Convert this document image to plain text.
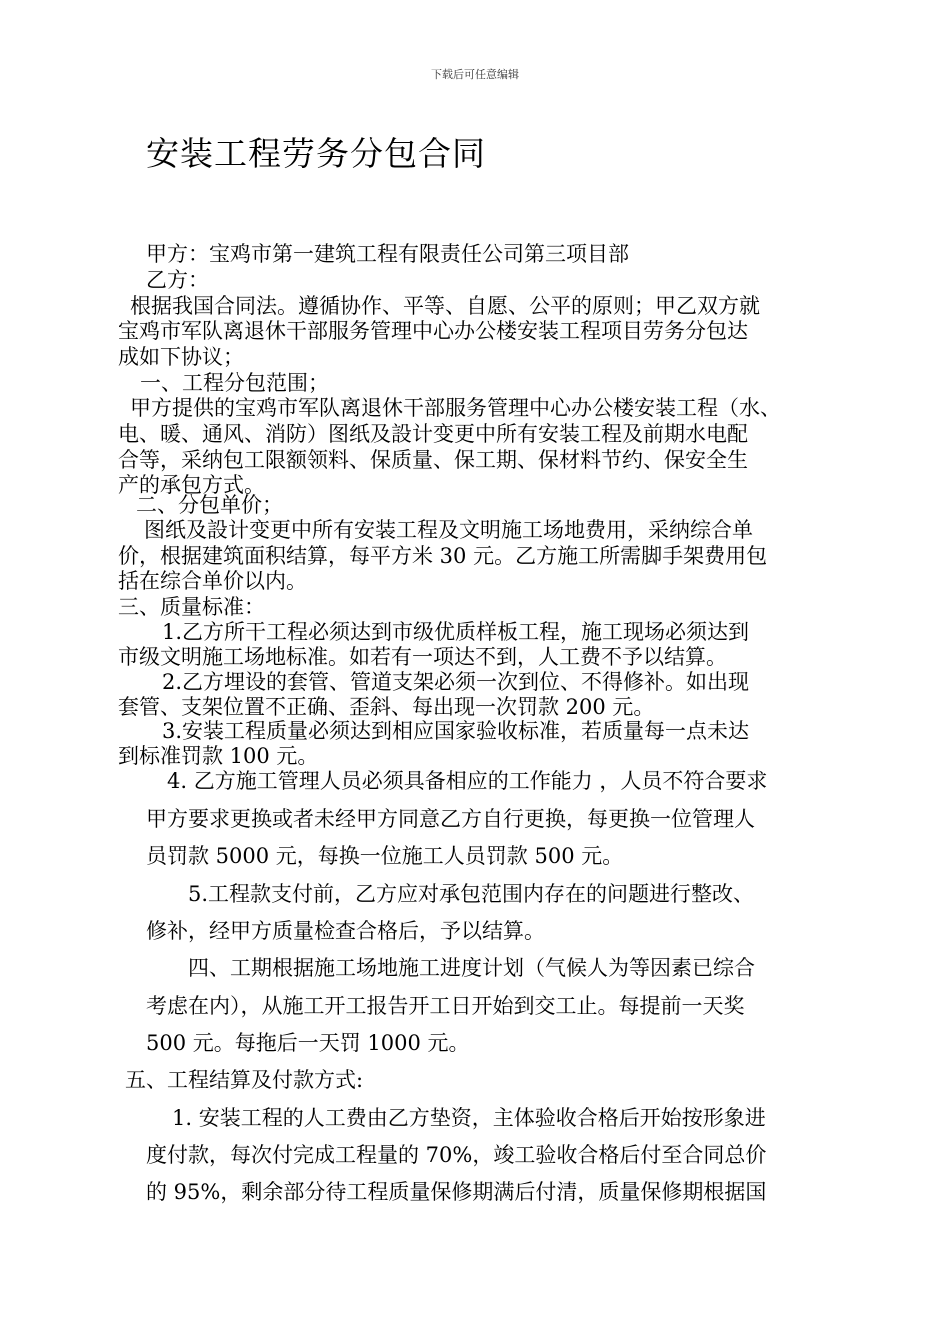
下载后可任意编辑
安装工程劳务分包合同
甲方：宝鸡市第一建筑工程有限责任公司第三项目部
乙方：
根据我国合同法。遵循协作、平等、自愿、公平的原则；甲乙双方就
宝鸡市军队离退休干部服务管理中心办公楼安装工程项目劳务分包达
成如下协议；
一、工程分包范围；
甲方提供的宝鸡市军队离退休干部服务管理中心办公楼安装工程（水、
电、暖、通风、消防）图纸及設计变更中所有安装工程及前期水电配
合等，采纳包工限额领料、保质量、保工期、保材料节约、保安全生
产的承包方式。
二、分包单价；
图纸及設计变更中所有安装工程及文明施工场地费用，采纳综合单
价，根据建筑面积结算，每平方米 30 元。乙方施工所需脚手架费用包
括在综合单价以内。
三、质量标准：
1.乙方所干工程必须达到市级优质样板工程，施工现场必须达到
市级文明施工场地标准。如若有一项达不到，人工费不予以结算。
2.乙方埋设的套管、管道支架必须一次到位、不得修补。如出现
套管、支架位置不正确、歪斜、每出现一次罚款 200 元。
3.安装工程质量必须达到相应国家验收标准，若质量每一点未达
到标准罚款 100 元。
4. 乙方施工管理人员必须具备相应的工作能力 ，人员不符合要求
甲方要求更换或者未经甲方同意乙方自行更换，每更换一位管理人
员罚款 5000 元，每换一位施工人员罚款 500 元。
5.工程款支付前，乙方应对承包范围内存在的问题进行整改、
修补，经甲方质量检查合格后，予以结算。
四、工期根据施工场地施工进度计划（气候人为等因素已综合
考虑在内），从施工开工报告开工日开始到交工止。每提前一天奖
500 元。每拖后一天罚 1000 元。
五、工程结算及付款方式:
1. 安装工程的人工费由乙方垫资，主体验收合格后开始按形象进
度付款，每次付完成工程量的 70%，竣工验收合格后付至合同总价
的 95%，剩余部分待工程质量保修期满后付清，质量保修期根据国
